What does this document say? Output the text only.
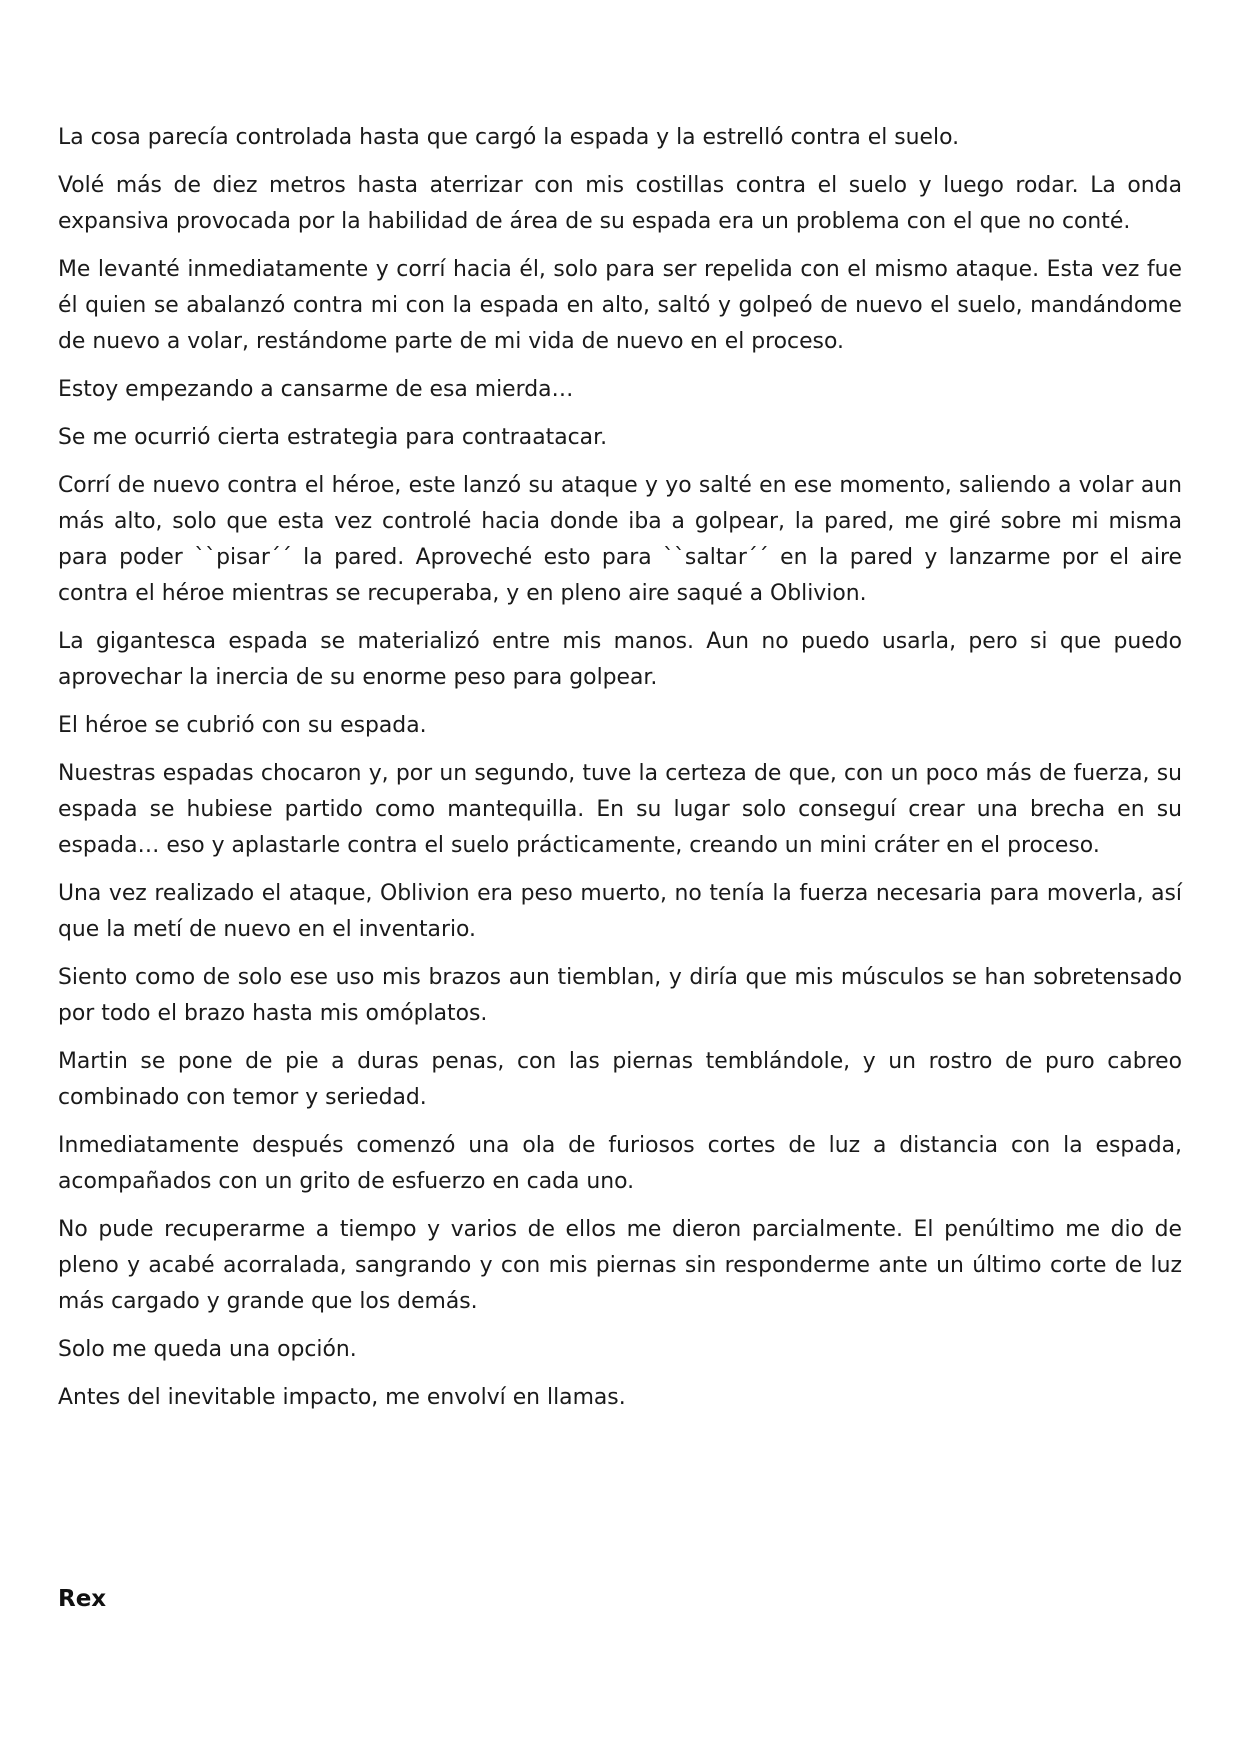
La cosa parecía controlada hasta que cargó la espada y la estrelló contra el suelo.

Volé más de diez metros hasta aterrizar con mis costillas contra el suelo y luego rodar. La onda expansiva provocada por la habilidad de área de su espada era un problema con el que no conté.

Me levanté inmediatamente y corrí hacia él, solo para ser repelida con el mismo ataque. Esta vez fue él quien se abalanzó contra mi con la espada en alto, saltó y golpeó de nuevo el suelo, mandándome de nuevo a volar, restándome parte de mi vida de nuevo en el proceso.

Estoy empezando a cansarme de esa mierda…

Se me ocurrió cierta estrategia para contraatacar.

Corrí de nuevo contra el héroe, este lanzó su ataque y yo salté en ese momento, saliendo a volar aun más alto, solo que esta vez controlé hacia donde iba a golpear, la pared, me giré sobre mi misma para poder ``pisar´´ la pared. Aproveché esto para ``saltar´´ en la pared y lanzarme por el aire contra el héroe mientras se recuperaba, y en pleno aire saqué a Oblivion.

La gigantesca espada se materializó entre mis manos. Aun no puedo usarla, pero si que puedo aprovechar la inercia de su enorme peso para golpear.

El héroe se cubrió con su espada.

Nuestras espadas chocaron y, por un segundo, tuve la certeza de que, con un poco más de fuerza, su espada se hubiese partido como mantequilla. En su lugar solo conseguí crear una brecha en su espada… eso y aplastarle contra el suelo prácticamente, creando un mini cráter en el proceso.

Una vez realizado el ataque, Oblivion era peso muerto, no tenía la fuerza necesaria para moverla, así que la metí de nuevo en el inventario.

Siento como de solo ese uso mis brazos aun tiemblan, y diría que mis músculos se han sobretensado por todo el brazo hasta mis omóplatos.

Martin se pone de pie a duras penas, con las piernas temblándole, y un rostro de puro cabreo combinado con temor y seriedad.

Inmediatamente después comenzó una ola de furiosos cortes de luz a distancia con la espada, acompañados con un grito de esfuerzo en cada uno.

No pude recuperarme a tiempo y varios de ellos me dieron parcialmente. El penúltimo me dio de pleno y acabé acorralada, sangrando y con mis piernas sin responderme ante un último corte de luz más cargado y grande que los demás.

Solo me queda una opción.

Antes del inevitable impacto, me envolví en llamas.

Rex
